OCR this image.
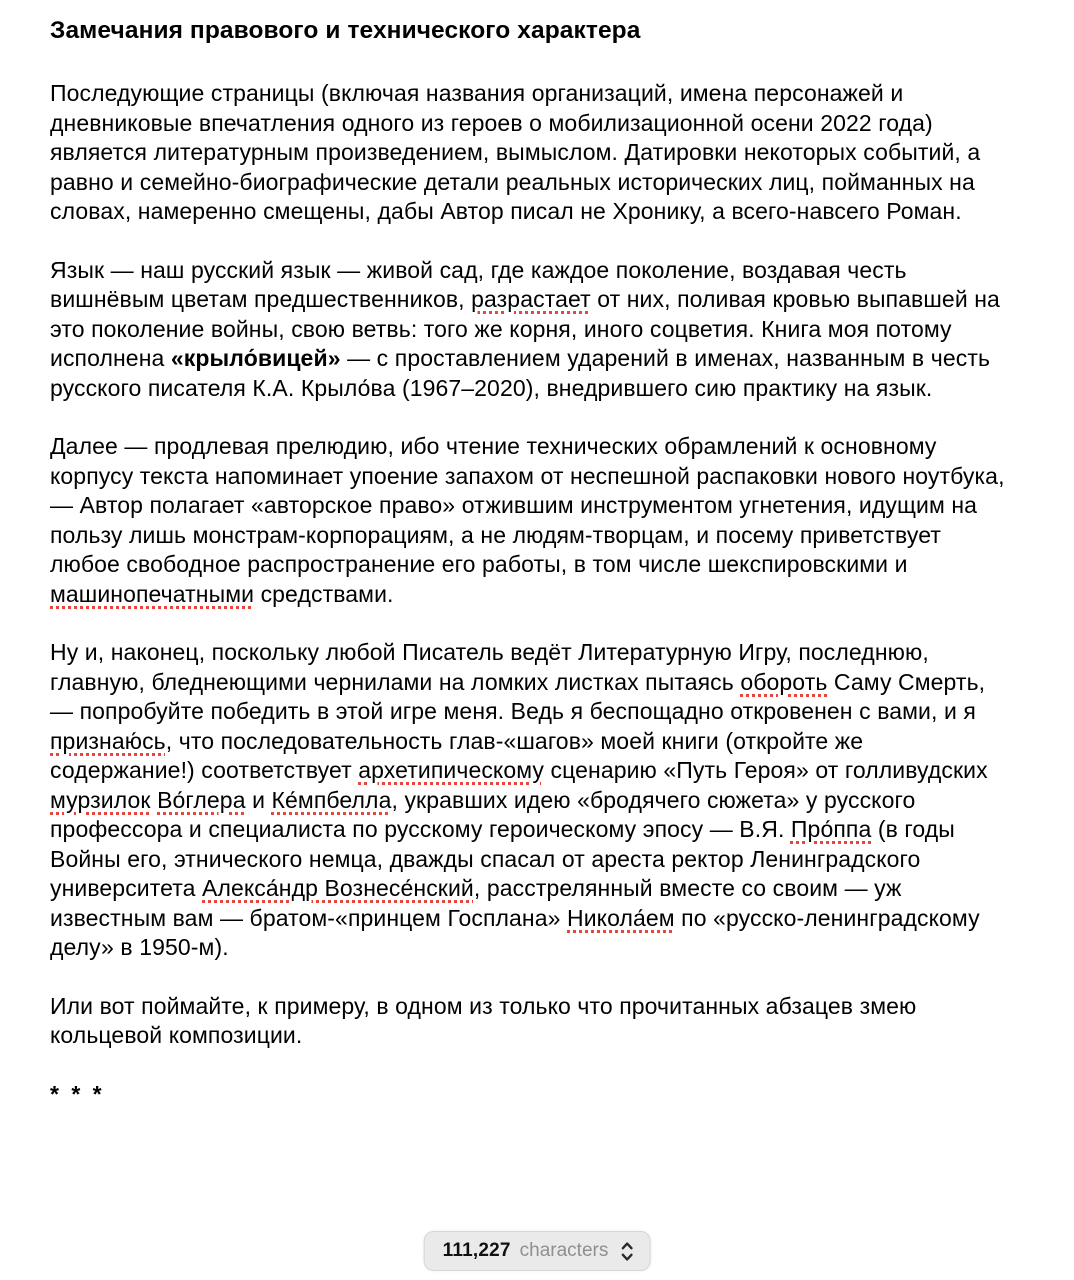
Замечания правового и технического характера

Последующие страницы (включая названия организаций, имена персонажей и дневниковые впечатления одного из героев о мобилизационной осени 2022 года) является литературным произведением, вымыслом. Датировки некоторых событий, а равно и семейно-биографические детали реальных исторических лиц, пойманных на словах, намеренно смещены, дабы Автор писал не Хронику, а всего-навсего Роман.

Язык — наш русский язык — живой сад, где каждое поколение, воздавая честь вишнёвым цветам предшественников, разрастает от них, поливая кровью выпавшей на это поколение войны, свою ветвь: того же корня, иного соцветия. Книга моя потому исполнена «крыло́вицей» — с проставлением ударений в именах, названным в честь русского писателя К.А. Крыло́ва (1967–2020), внедрившего сию практику на язык.

Далее — продлевая прелюдию, ибо чтение технических обрамлений к основному корпусу текста напоминает упоение запахом от неспешной распаковки нового ноутбука, — Автор полагает «авторское право» отжившим инструментом угнетения, идущим на пользу лишь монстрам-корпорациям, а не людям-творцам, и посему приветствует любое свободное распространение его работы, в том числе шекспировскими и машинопечатными средствами.

Ну и, наконец, поскольку любой Писатель ведёт Литературную Игру, последнюю, главную, бледнеющими чернилами на ломких листках пытаясь обороть Саму Смерть, — попробуйте победить в этой игре меня. Ведь я беспощадно откровенен с вами, и я признаю́сь, что последовательность глав-«шагов» моей книги (откройте же содержание!) соответствует архетипическому сценарию «Путь Героя» от голливудских мурзилок Во́глера и Ке́мпбелла, укравших идею «бродячего сюжета» у русского профессора и специалиста по русскому героическому эпосу — В.Я. Про́ппа (в годы Войны его, этнического немца, дважды спасал от ареста ректор Ленинградского университета Алекса́ндр Вознесе́нский, расстрелянный вместе со своим — уж известным вам — братом-«принцем Госплана» Никола́ем по «русско-ленинградскому делу» в 1950-м).

Или вот поймайте, к примеру, в одном из только что прочитанных абзацев змею кольцевой композиции.

* * *
111,227 characters
